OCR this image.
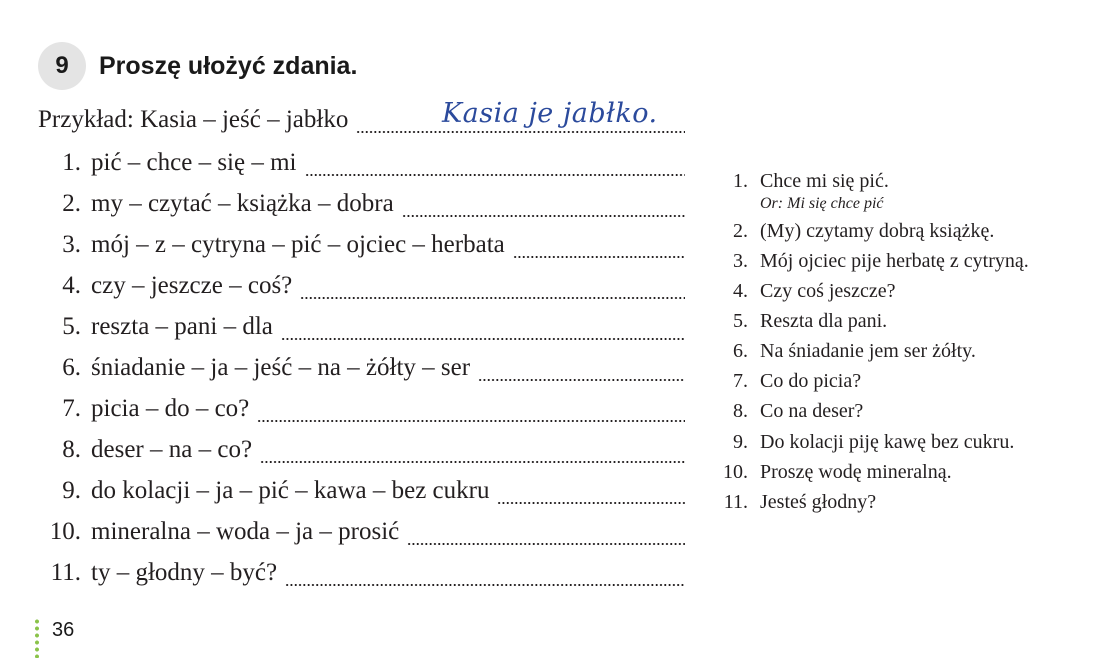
9	Proszę ułożyć zdania.
Przykład: Kasia – jeść – jabłko	Kasia je jabłko.
1. pić – chce – się – mi
2. my – czytać – książka – dobra
3. mój – z – cytryna – pić – ojciec – herbata
4. czy – jeszcze – coś?
5. reszta – pani – dla
6. śniadanie – ja – jeść – na – żółty – ser
7. picia – do – co?
8. deser – na – co?
9. do kolacji – ja – pić – kawa – bez cukru
10. mineralna – woda – ja – prosić
11. ty – głodny – być?
1. Chce mi się pić.
Or: Mi się chce pić
2. (My) czytamy dobrą książkę.
3. Mój ojciec pije herbatę z cytryną.
4. Czy coś jeszcze?
5. Reszta dla pani.
6. Na śniadanie jem ser żółty.
7. Co do picia?
8. Co na deser?
9. Do kolacji piję kawę bez cukru.
10. Proszę wodę mineralną.
11. Jesteś głodny?
36
